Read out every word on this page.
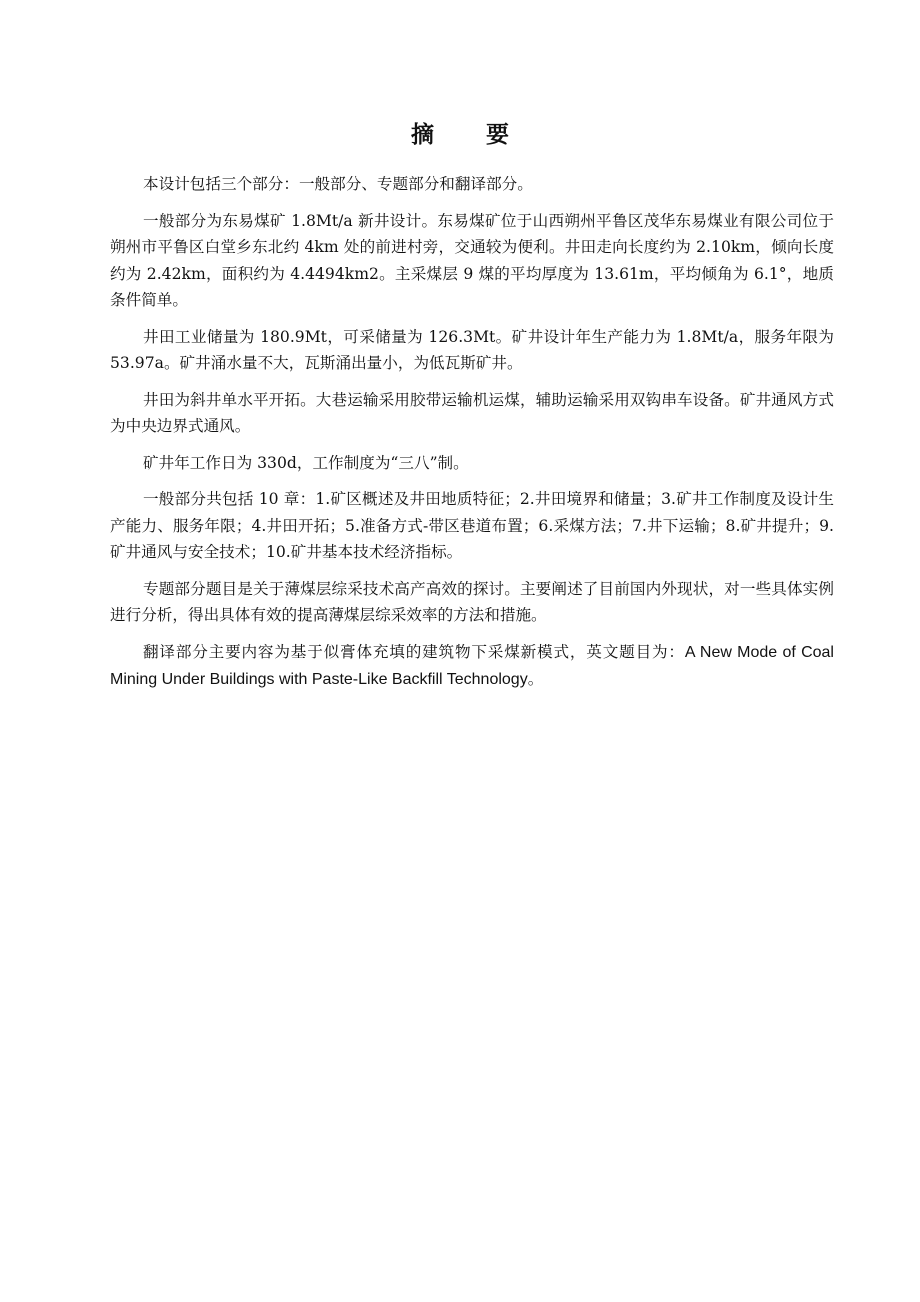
摘 要

本设计包括三个部分：一般部分、专题部分和翻译部分。

一般部分为东易煤矿 1.8Mt/a 新井设计。东易煤矿位于山西朔州平鲁区茂华东易煤业有限公司位于朔州市平鲁区白堂乡东北约 4km 处的前进村旁，交通较为便利。井田走向长度约为 2.10km，倾向长度约为 2.42km，面积约为 4.4494km2。主采煤层 9 煤的平均厚度为 13.61m，平均倾角为 6.1°，地质条件简单。

井田工业储量为 180.9Mt，可采储量为 126.3Mt。矿井设计年生产能力为 1.8Mt/a，服务年限为 53.97a。矿井涌水量不大，瓦斯涌出量小，为低瓦斯矿井。

井田为斜井单水平开拓。大巷运输采用胶带运输机运煤，辅助运输采用双钩串车设备。矿井通风方式为中央边界式通风。

矿井年工作日为 330d，工作制度为“三八”制。

一般部分共包括 10 章：1.矿区概述及井田地质特征；2.井田境界和储量；3.矿井工作制度及设计生产能力、服务年限；4.井田开拓；5.准备方式-带区巷道布置；6.采煤方法；7.井下运输；8.矿井提升；9.矿井通风与安全技术；10.矿井基本技术经济指标。

专题部分题目是关于薄煤层综采技术高产高效的探讨。主要阐述了目前国内外现状，对一些具体实例进行分析，得出具体有效的提高薄煤层综采效率的方法和措施。

翻译部分主要内容为基于似膏体充填的建筑物下采煤新模式，英文题目为：A New Mode of Coal Mining Under Buildings with Paste-Like Backfill Technology。
